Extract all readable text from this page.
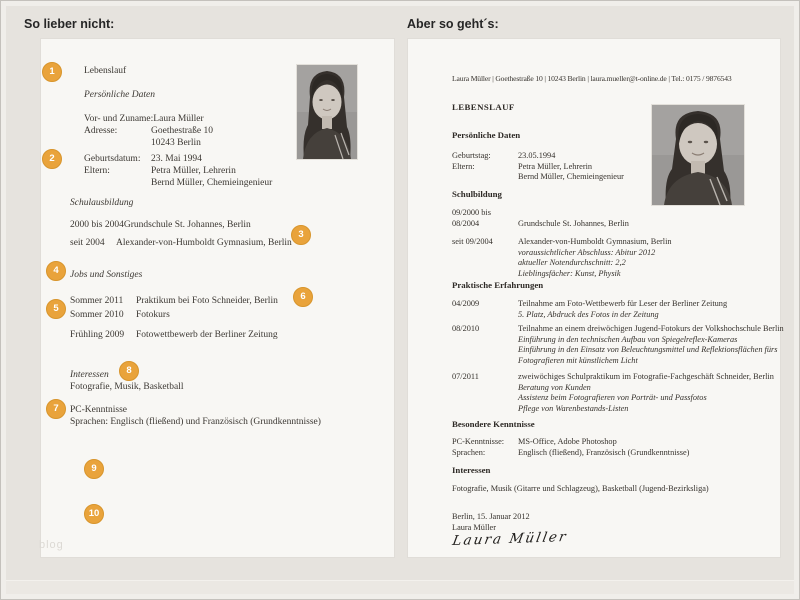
So lieber nicht:	Aber so geht´s:
Lebenslauf
Persönliche Daten
Vor- und Zuname: Laura Müller
Adresse:	Goethestraße 10
10243 Berlin
Geburtsdatum:	23. Mai 1994
Eltern:	Petra Müller, Lehrerin
Bernd Müller, Chemieingenieur
Schulausbildung
2000 bis 2004 Grundschule St. Johannes, Berlin
seit 2004	Alexander-von-Humboldt Gymnasium, Berlin
Jobs und Sonstiges
Sommer 2011	Praktikum bei Foto Schneider, Berlin
Sommer 2010	Fotokurs
Frühling 2009	Fotowettbewerb der Berliner Zeitung
Interessen
Fotografie, Musik, Basketball
PC-Kenntnisse
Sprachen: Englisch (fließend) und Französisch (Grundkenntnisse)
1
2
3
4
5
6
7
8
9
10
blog
Laura Müller | Goethestraße 10 | 10243 Berlin | laura.mueller@t-online.de | Tel.: 0175 / 9876543
LEBENSLAUF
Persönliche Daten
Geburtstag:	23.05.1994
Eltern:	Petra Müller, Lehrerin
Bernd Müller, Chemieingenieur
Schulbildung
09/2000 bis
08/2004	Grundschule St. Johannes, Berlin
seit 09/2004	Alexander-von-Humboldt Gymnasium, Berlin
voraussichtlicher Abschluss: Abitur 2012
aktueller Notendurchschnitt: 2,2
Lieblingsfächer: Kunst, Physik
Praktische Erfahrungen
04/2009	Teilnahme am Foto-Wettbewerb für Leser der Berliner Zeitung
5. Platz, Abdruck des Fotos in der Zeitung
08/2010	Teilnahme an einem dreiwöchigen Jugend-Fotokurs der Volkshochschule Berlin
Einführung in den technischen Aufbau von Spiegelreflex-Kameras
Einführung in den Einsatz von Beleuchtungsmittel und Reflektionsflächen fürs
Fotografieren mit künstlichem Licht
07/2011	zweiwöchiges Schulpraktikum im Fotografie-Fachgeschäft Schneider, Berlin
Beratung von Kunden
Assistenz beim Fotografieren von Porträt- und Passfotos
Pflege von Warenbestands-Listen
Besondere Kenntnisse
PC-Kenntnisse:	MS-Office, Adobe Photoshop
Sprachen:	Englisch (fließend), Französisch (Grundkenntnisse)
Interessen
Fotografie, Musik (Gitarre und Schlagzeug), Basketball (Jugend-Bezirksliga)
Berlin, 15. Januar 2012
Laura Müller
Laura Müller
